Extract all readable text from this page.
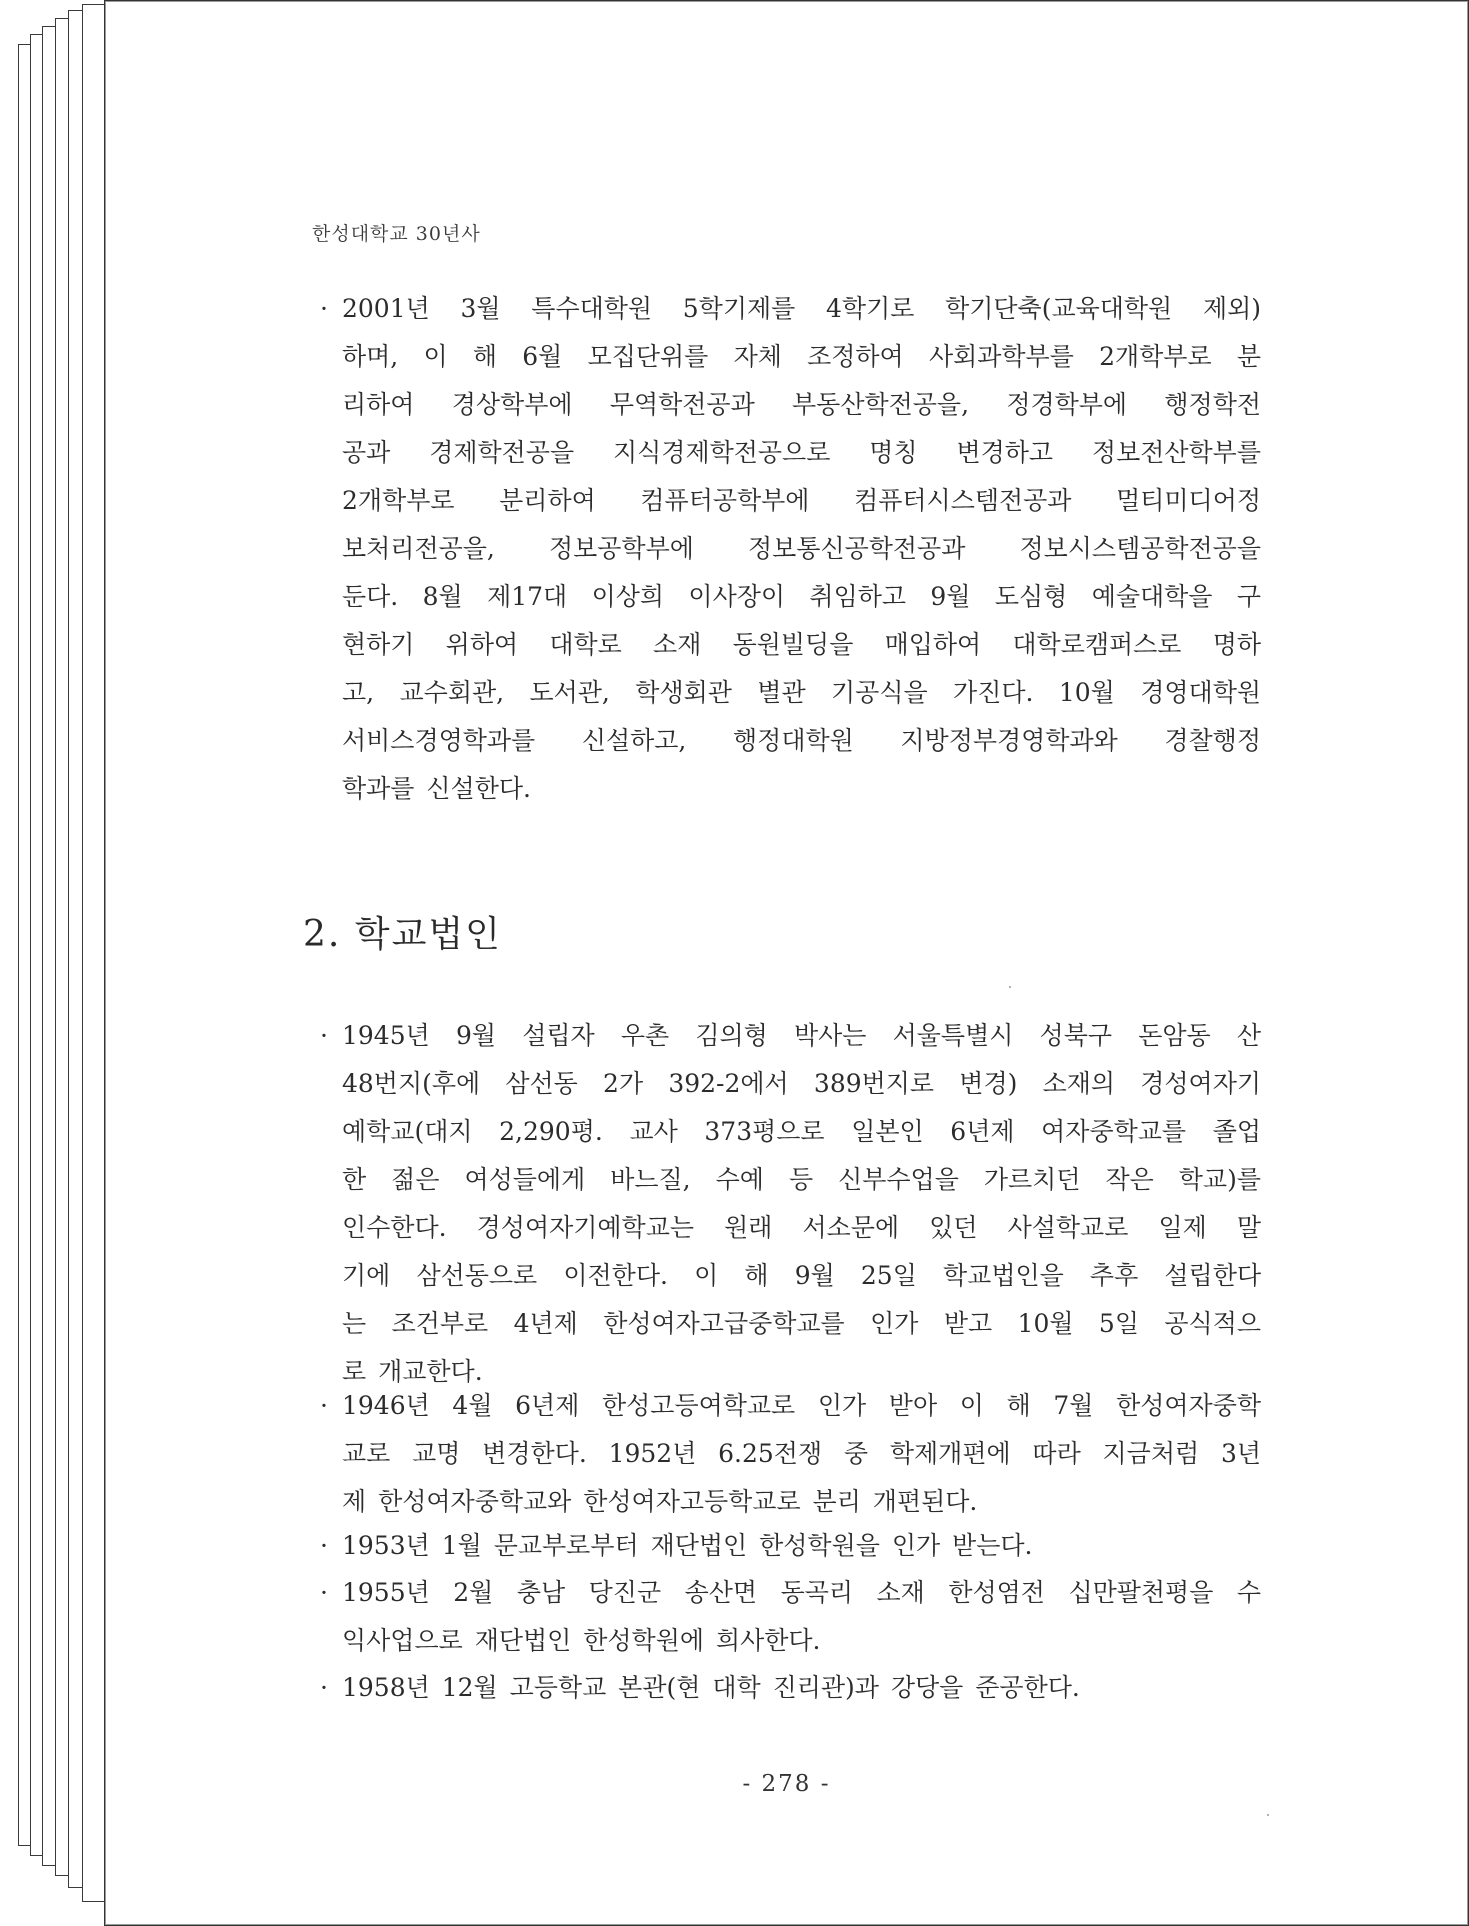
한성대학교 30년사
· 2001년 3월 특수대학원 5학기제를 4학기로 학기단축(교육대학원 제외)
하며, 이 해 6월 모집단위를 자체 조정하여 사회과학부를 2개학부로 분
리하여 경상학부에 무역학전공과 부동산학전공을, 정경학부에 행정학전
공과 경제학전공을 지식경제학전공으로 명칭 변경하고 정보전산학부를
2개학부로 분리하여 컴퓨터공학부에 컴퓨터시스템전공과 멀티미디어정
보처리전공을, 정보공학부에 정보통신공학전공과 정보시스템공학전공을
둔다. 8월 제17대 이상희 이사장이 취임하고 9월 도심형 예술대학을 구
현하기 위하여 대학로 소재 동원빌딩을 매입하여 대학로캠퍼스로 명하
고, 교수회관, 도서관, 학생회관 별관 기공식을 가진다. 10월 경영대학원
서비스경영학과를 신설하고, 행정대학원 지방정부경영학과와 경찰행정
학과를 신설한다.
2. 학교법인
· 1945년 9월 설립자 우촌 김의형 박사는 서울특별시 성북구 돈암동 산
48번지(후에 삼선동 2가 392-2에서 389번지로 변경) 소재의 경성여자기
예학교(대지 2,290평. 교사 373평으로 일본인 6년제 여자중학교를 졸업
한 젊은 여성들에게 바느질, 수예 등 신부수업을 가르치던 작은 학교)를
인수한다. 경성여자기예학교는 원래 서소문에 있던 사설학교로 일제 말
기에 삼선동으로 이전한다. 이 해 9월 25일 학교법인을 추후 설립한다
는 조건부로 4년제 한성여자고급중학교를 인가 받고 10월 5일 공식적으
로 개교한다.
· 1946년 4월 6년제 한성고등여학교로 인가 받아 이 해 7월 한성여자중학
교로 교명 변경한다. 1952년 6.25전쟁 중 학제개편에 따라 지금처럼 3년
제 한성여자중학교와 한성여자고등학교로 분리 개편된다.
· 1953년 1월 문교부로부터 재단법인 한성학원을 인가 받는다.
· 1955년 2월 충남 당진군 송산면 동곡리 소재 한성염전 십만팔천평을 수
익사업으로 재단법인 한성학원에 희사한다.
· 1958년 12월 고등학교 본관(현 대학 진리관)과 강당을 준공한다.
- 278 -
